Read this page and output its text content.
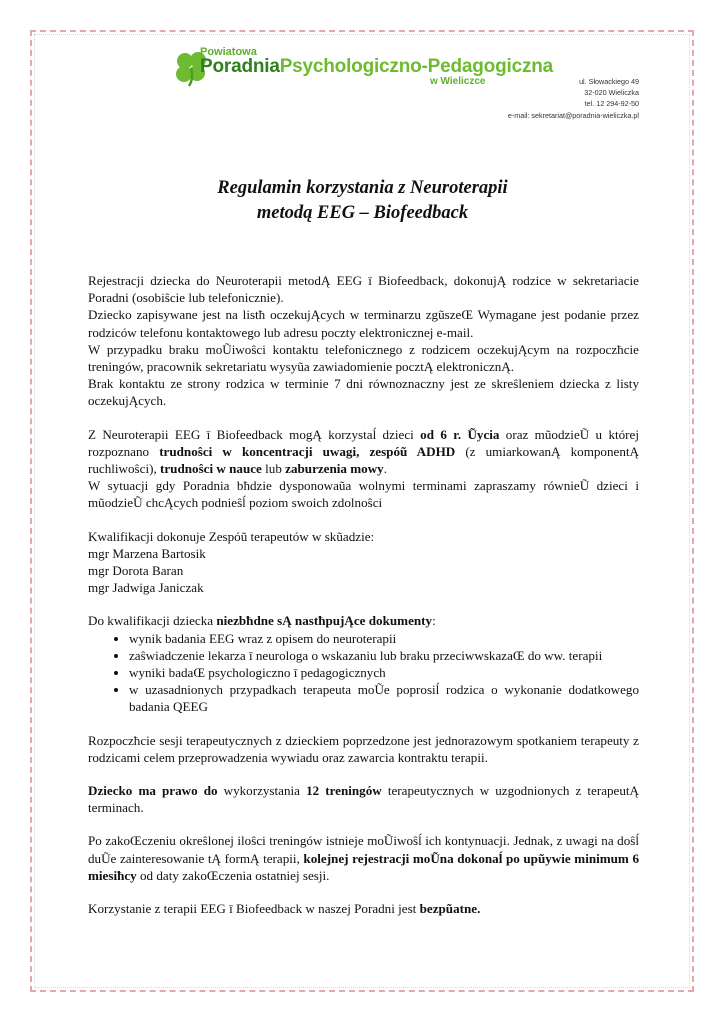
Powiatowa
PoradniaPsychologiczno-Pedagogiczna
w Wieliczce	ul. Słowackiego 49
32-020 Wieliczka
tel. 12 294-92-50
e-mail: sekretariat@poradnia-wieliczka.pl
Regulamin korzystania z Neuroterapii
metodą EEG – Biofeedback

Rejestracji dziecka do Neuroterapii metodĄ EEG ī Biofeedback, dokonujĄ rodzice w sekretariacie Poradni (osobiŝcie lub telefonicznie).
Dziecko zapisywane jest na listħ oczekujĄcych w terminarzu zgũszeŒ Wymagane jest podanie przez rodziców telefonu kontaktowego lub adresu poczty elektronicznej e-mail.
W przypadku braku moŨiwoŝci kontaktu telefonicznego z rodzicem oczekujĄcym na rozpoczħcie treningów, pracownik sekretariatu wysyũa zawiadomienie pocztĄ elektronicznĄ.
Brak kontaktu ze strony rodzica w terminie 7 dni równoznaczny jest ze skreŝleniem dziecka z listy oczekujĄcych.

Z Neuroterapii EEG ī Biofeedback mogĄ korzystaĺ dzieci od 6 r. Ũycia oraz mũodzieŨ u której rozpoznano trudnoŝci w koncentracji uwagi, zespóũ ADHD (z umiarkowanĄ komponentĄ ruchliwoŝci), trudnoŝci w nauce lub zaburzenia mowy.
W sytuacji gdy Poradnia bħdzie dysponowaũa wolnymi terminami zapraszamy równieŨ dzieci i mũodzieŨ chcĄcych podnieŝĺ poziom swoich zdolnoŝci

Kwalifikacji dokonuje Zespóũ terapeutów w skũadzie:
mgr Marzena Bartosik
mgr Dorota Baran
mgr Jadwiga Janiczak

Do kwalifikacji dziecka niezbħdne sĄ nastħpujĄce dokumenty:

• wynik badania EEG wraz z opisem do neuroterapii
• zaŝwiadczenie lekarza ī neurologa o wskazaniu lub braku przeciwwskazaŒ do ww. terapii
• wyniki badaŒ psychologiczno ī pedagogicznych
• w uzasadnionych przypadkach terapeuta moŨe poprosiĺ rodzica o wykonanie dodatkowego badania QEEG

Rozpoczħcie sesji terapeutycznych z dzieckiem poprzedzone jest jednorazowym spotkaniem terapeuty z rodzicami celem przeprowadzenia wywiadu oraz zawarcia kontraktu terapii.

Dziecko ma prawo do wykorzystania 12 treningów terapeutycznych w uzgodnionych z terapeutĄ terminach.

Po zakoŒczeniu okreŝlonej iloŝci treningów istnieje moŨiwoŝĺ ich kontynuacji. Jednak, z uwagi na doŝĺ duŨe zainteresowanie tĄ formĄ terapii, kolejnej rejestracji moŨna dokonaĺ po upũywie minimum 6 miesiħcy od daty zakoŒczenia ostatniej sesji.

Korzystanie z terapii EEG ī Biofeedback w naszej Poradni jest bezpũatne.
